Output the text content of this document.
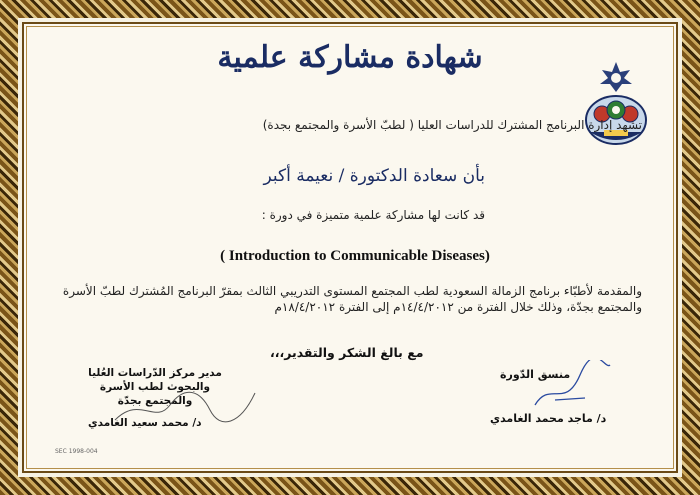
شهادة مشاركة علمية
تشهد إدارة البرنامج المشترك للدراسات العليا ( لطبّ الأسرة والمجتمع بجدة)
بأن سعادة الدكتورة / نعيمة أكبر
قد كانت لها مشاركة علمية متميزة في دورة :
( Introduction to Communicable Diseases)
والمقدمة لأطبّاء برنامج الزمالة السعودية لطب المجتمع المستوى التدريبي الثالث بمقرّ البرنامج المُشترك لطبّ الأسرة والمجتمع بجدّة، وذلك خلال الفترة من ١٤/٤/٢٠١٢م إلى الفترة ١٨/٤/٢٠١٢م
مع بالغ الشكر والتقدير،،،
مدير مركز الدّراسات العُليا والبحوث لطب الأسرة والمجتمع بجدّة
د/ محمد سعيد الغامدي
منسق الدّورة
د/ ماجد محمد الغامدي
SEC 1998-004
